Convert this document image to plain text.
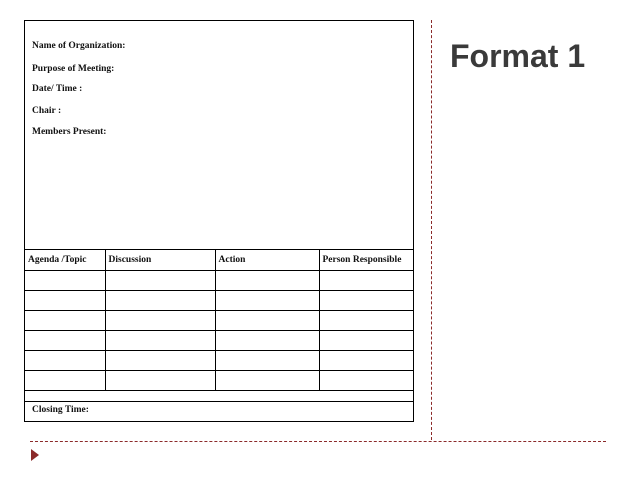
Name of Organization:
Purpose of Meeting:
Date/ Time :
Chair :
Members Present:
Agenda /Topic	Discussion	Action	Person Responsible

Closing Time:
Format 1
